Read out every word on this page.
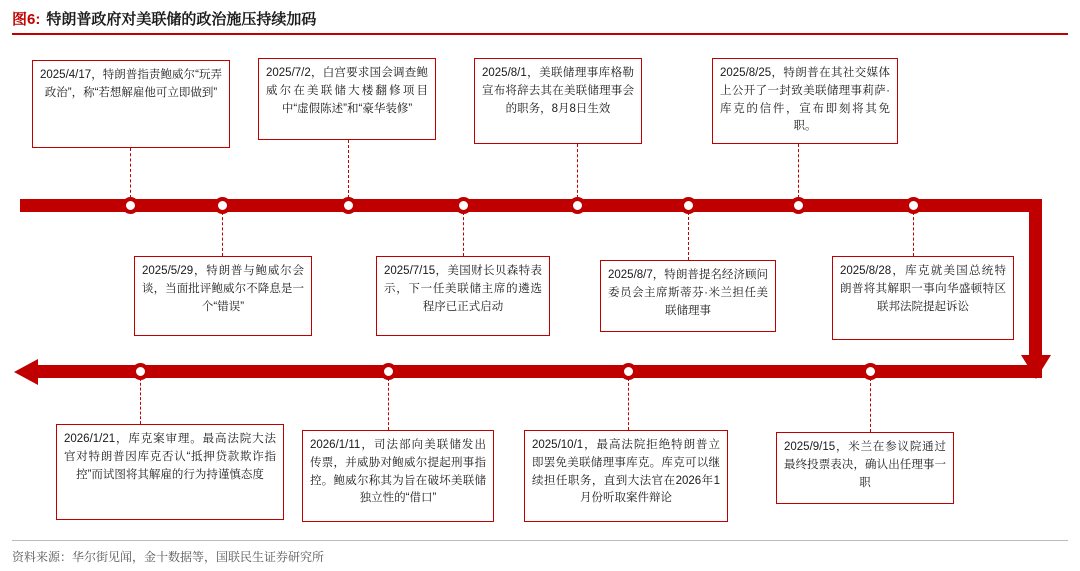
图6: 特朗普政府对美联储的政治施压持续加码
2025/4/17，特朗普指责鲍威尔“玩弄政治”，称“若想解雇他可立即做到”
2025/7/2，白宫要求国会调查鲍威尔在美联储大楼翻修项目中“虚假陈述”和“豪华装修”
2025/8/1，美联储理事库格勒宣布将辞去其在美联储理事会的职务，8月8日生效
2025/8/25，特朗普在其社交媒体上公开了一封致美联储理事莉萨·库克的信件，宣布即刻将其免职。
2025/5/29，特朗普与鲍威尔会谈，当面批评鲍威尔不降息是一个“错误”
2025/7/15，美国财长贝森特表示，下一任美联储主席的遴选程序已正式启动
2025/8/7，特朗普提名经济顾问委员会主席斯蒂芬·米兰担任美联储理事
2025/8/28，库克就美国总统特朗普将其解职一事向华盛顿特区联邦法院提起诉讼
2026/1/21，库克案审理。最高法院大法官对特朗普因库克否认“抵押贷款欺诈指控”而试图将其解雇的行为持谨慎态度
2026/1/11，司法部向美联储发出传票，并威胁对鲍威尔提起刑事指控。鲍威尔称其为旨在破坏美联储独立性的“借口”
2025/10/1，最高法院拒绝特朗普立即罢免美联储理事库克。库克可以继续担任职务，直到大法官在2026年1月份听取案件辩论
2025/9/15，米兰在参议院通过最终投票表决，确认出任理事一职
资料来源：华尔街见闻，金十数据等，国联民生证券研究所
